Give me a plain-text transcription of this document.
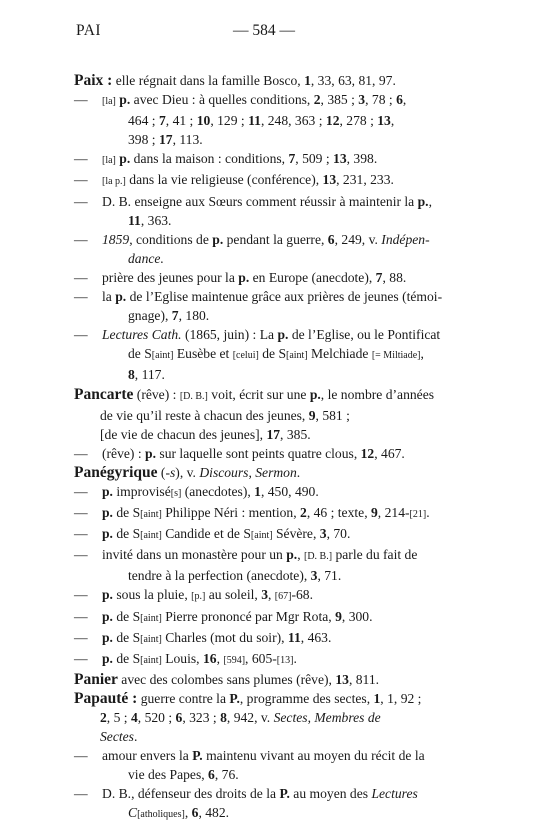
PAI	— 584 —
Paix : elle régnait dans la famille Bosco, 1, 33, 63, 81, 97.
— [la] p. avec Dieu : à quelles conditions, 2, 385 ; 3, 78 ; 6,
464 ; 7, 41 ; 10, 129 ; 11, 248, 363 ; 12, 278 ; 13,
398 ; 17, 113.
— [la] p. dans la maison : conditions, 7, 509 ; 13, 398.
— [la p.] dans la vie religieuse (conférence), 13, 231, 233.
— D. B. enseigne aux Sœurs comment réussir à maintenir la p.,
11, 363.
— 1859, conditions de p. pendant la guerre, 6, 249, v. Indépen-
dance.
— prière des jeunes pour la p. en Europe (anecdote), 7, 88.
— la p. de l’Eglise maintenue grâce aux prières de jeunes (témoi-
gnage), 7, 180.
— Lectures Cath. (1865, juin) : La p. de l’Eglise, ou le Pontificat
de S[aint] Eusèbe et [celui] de S[aint] Melchiade [= Miltiade],
8, 117.
Pancarte (rêve) : [D. B.] voit, écrit sur une p., le nombre d’années
de vie qu’il reste à chacun des jeunes, 9, 581 ;
[de vie de chacun des jeunes], 17, 385.
— (rêve) : p. sur laquelle sont peints quatre clous, 12, 467.
Panégyrique (-s), v. Discours, Sermon.
— p. improvisé[s] (anecdotes), 1, 450, 490.
— p. de S[aint] Philippe Néri : mention, 2, 46 ; texte, 9, 214-[21].
— p. de S[aint] Candide et de S[aint] Sévère, 3, 70.
— invité dans un monastère pour un p., [D. B.] parle du fait de
tendre à la perfection (anecdote), 3, 71.
— p. sous la pluie, [p.] au soleil, 3, [67]-68.
— p. de S[aint] Pierre prononcé par Mgr Rota, 9, 300.
— p. de S[aint] Charles (mot du soir), 11, 463.
— p. de S[aint] Louis, 16, [594], 605-[13].
Panier avec des colombes sans plumes (rêve), 13, 811.
Papauté : guerre contre la P., programme des sectes, 1, 1, 92 ;
2, 5 ; 4, 520 ; 6, 323 ; 8, 942, v. Sectes, Membres de
Sectes.
— amour envers la P. maintenu vivant au moyen du récit de la
vie des Papes, 6, 76.
— D. B., défenseur des droits de la P. au moyen des Lectures
C[atholiques], 6, 482.
